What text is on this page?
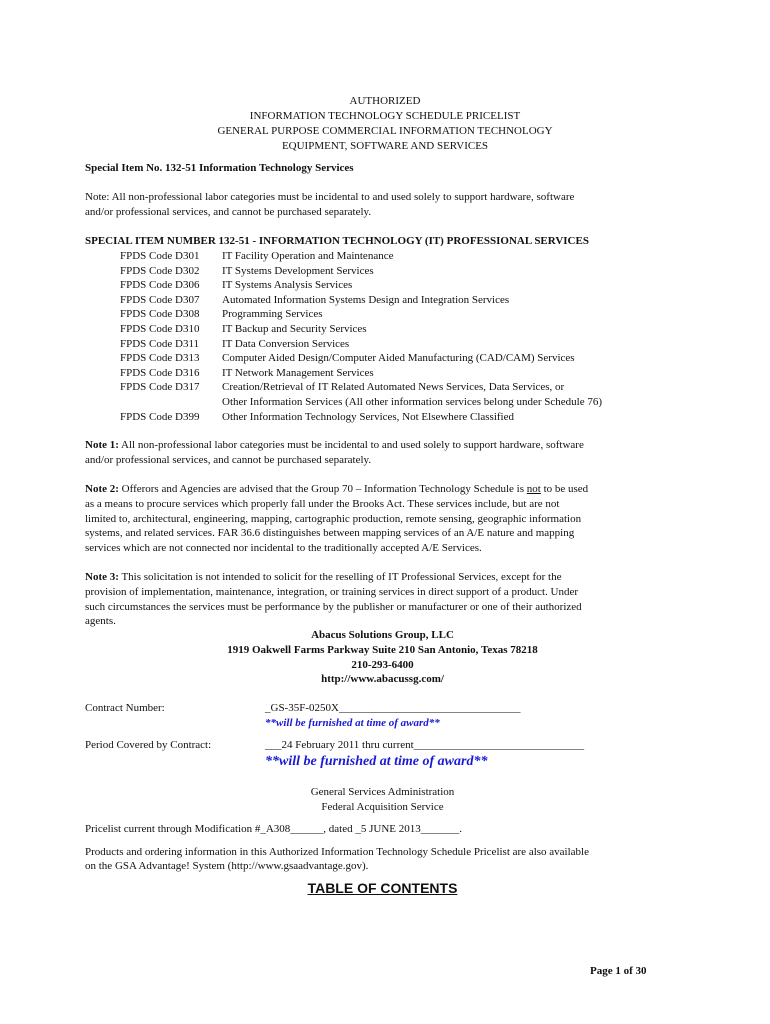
AUTHORIZED
INFORMATION TECHNOLOGY SCHEDULE PRICELIST
GENERAL PURPOSE COMMERCIAL INFORMATION TECHNOLOGY
EQUIPMENT, SOFTWARE AND SERVICES
Special Item No. 132-51 Information Technology Services
Note: All non-professional labor categories must be incidental to and used solely to support hardware, software
and/or professional services, and cannot be purchased separately.
SPECIAL ITEM NUMBER 132-51 - INFORMATION TECHNOLOGY (IT) PROFESSIONAL SERVICES
FPDS Code D301 IT Facility Operation and Maintenance
FPDS Code D302 IT Systems Development Services
FPDS Code D306 IT Systems Analysis Services
FPDS Code D307 Automated Information Systems Design and Integration Services
FPDS Code D308 Programming Services
FPDS Code D310 IT Backup and Security Services
FPDS Code D311 IT Data Conversion Services
FPDS Code D313 Computer Aided Design/Computer Aided Manufacturing (CAD/CAM) Services
FPDS Code D316 IT Network Management Services
FPDS Code D317 Creation/Retrieval of IT Related Automated News Services, Data Services, or
Other Information Services (All other information services belong under Schedule 76)
FPDS Code D399 Other Information Technology Services, Not Elsewhere Classified
Note 1: All non-professional labor categories must be incidental to and used solely to support hardware, software
and/or professional services, and cannot be purchased separately.
Note 2: Offerors and Agencies are advised that the Group 70 – Information Technology Schedule is not to be used
as a means to procure services which properly fall under the Brooks Act. These services include, but are not
limited to, architectural, engineering, mapping, cartographic production, remote sensing, geographic information
systems, and related services. FAR 36.6 distinguishes between mapping services of an A/E nature and mapping
services which are not connected nor incidental to the traditionally accepted A/E Services.
Note 3: This solicitation is not intended to solicit for the reselling of IT Professional Services, except for the
provision of implementation, maintenance, integration, or training services in direct support of a product. Under
such circumstances the services must be performance by the publisher or manufacturer or one of their authorized
agents.
Abacus Solutions Group, LLC
1919 Oakwell Farms Parkway Suite 210 San Antonio, Texas 78218
210-293-6400
http://www.abacussg.com/
Contract Number:	_GS-35F-0250X_________________________________
**will be furnished at time of award**
Period Covered by Contract:	___24 February 2011 thru current_______________________________
**will be furnished at time of award**
General Services Administration
Federal Acquisition Service
Pricelist current through Modification #_A308______, dated _5 JUNE 2013_______.
Products and ordering information in this Authorized Information Technology Schedule Pricelist are also available
on the GSA Advantage! System (http://www.gsaadvantage.gov).
TABLE OF CONTENTS
Page 1 of 30
